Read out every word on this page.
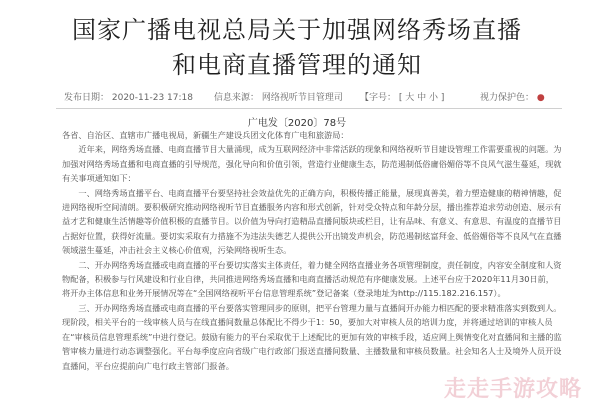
国家广播电视总局关于加强网络秀场直播
和电商直播管理的通知
发布日期： 2020-11-23 17:18 信息来源： 网络视听节目管理司 【字号： [ 大 中 小 ]	视力保护色： ●
广电发〔2020〕78号

各省、自治区、直辖市广播电视局，新疆生产建设兵团文化体育广电和旅游局：

近年来，网络秀场直播、电商直播节目大量涌现，成为互联网经济中非常活跃的现象和网络视听节目建设管理工作需要重视的问题。为加强对网络秀场直播和电商直播的引导规范，强化导向和价值引领，营造行业健康生态，防范遏制低俗庸俗媚俗等不良风气滋生蔓延，现就有关事项通知如下：

一、网络秀场直播平台、电商直播平台要坚持社会效益优先的正确方向，积极传播正能量，展现真善美，着力塑造健康的精神情趣，促进网络视听空间清朗。要积极研究推动网络视听节目直播服务内容和形式创新，针对受众特点和年龄分层，播出推荐追求劳动创造、展示有益才艺和健康生活情趣等价值积极的直播节目。以价值为导向打造精品直播间版块或栏目，让有品味、有意义、有意思、有温度的直播节目占据好位置，获得好流量。要切实采取有力措施不为违法失德艺人提供公开出镜发声机会，防范遏制炫富拜金、低俗媚俗等不良风气在直播领域滋生蔓延，冲击社会主义核心价值观，污染网络视听生态。

二、开办网络秀场直播或电商直播的平台要切实落实主体责任，着力健全网络直播业务各项管理制度，责任制度，内容安全制度和人资物配备，积极参与行风建设和行业自律，共同推进网络秀场直播和电商直播活动规范有序健康发展。上述平台应于2020年11月30日前，将开办主体信息和业务开展情况等在“全国网络视听平台信息管理系统”登记备案（登录地址为http://115.182.216.157）。

三、开办网络秀场直播或电商直播的平台要落实管理同步的原则，把平台管理力量与直播间开办能力相匹配的要求精准落实到数到人。现阶段，相关平台的一线审核人员与在线直播间数量总体配比不得少于1：50，要加大对审核人员的培训力度，并将通过培训的审核人员在“审核员信息管理系统”中进行登记。鼓励有能力的平台采取优于上述配比的更加有效的审核手段，适应网上舆情变化对直播间和主播的监管审核力量进行动态调整强化。平台每季度应向省级广电行政部门报送直播间数量、主播数量和审核员数量。社会知名人士及境外人员开设直播间，平台应提前向广电行政主管部门报备。

走走手游攻略
